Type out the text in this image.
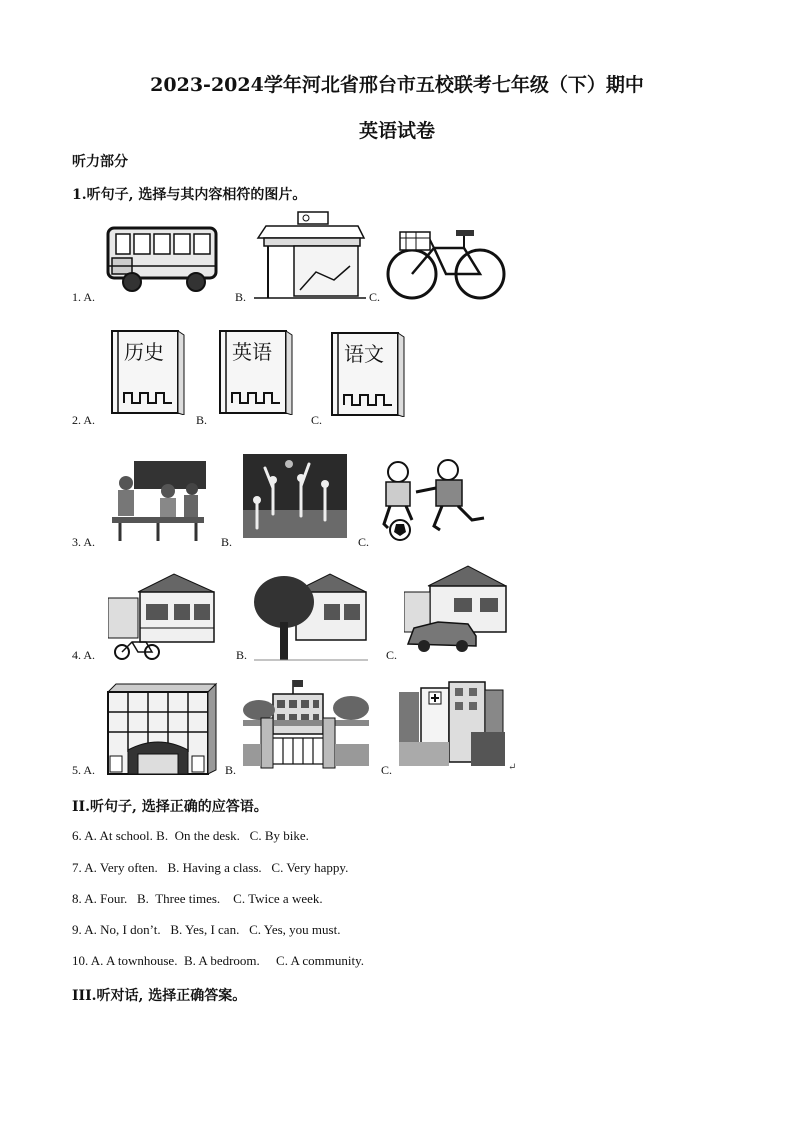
2023-2024学年河北省邢台市五校联考七年级（下）期中
英语试卷
听力部分
1.听句子, 选择与其内容相符的图片。
1. A.	B.	C.
2. A.
历史
B.
英语
C.
语文
3. A.	B.	C.
4. A.	B.	C.
5. A.	B.	C.	↵
II.听句子, 选择正确的应答语。
6. A. At school. B.  On the desk.   C. By bike.
7. A. Very often.   B. Having a class.   C. Very happy.
8. A. Four.   B.  Three times.    C. Twice a week.
9. A. No, I don’t.   B. Yes, I can.   C. Yes, you must.
10. A. A townhouse.  B. A bedroom.     C. A community.
III.听对话, 选择正确答案。
